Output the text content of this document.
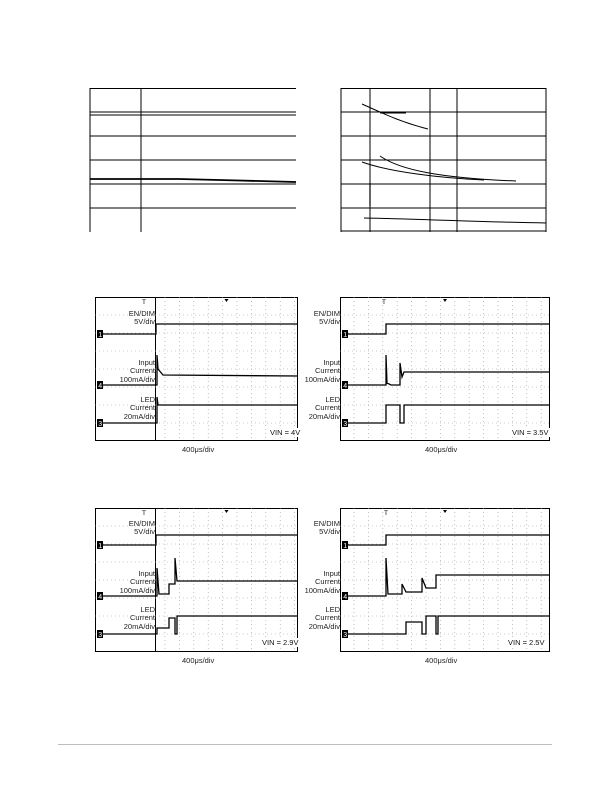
EN/DIM
5V/div
Input
Current
100mA/div
LED
Current
20mA/div
EN/DIM
5V/div
Input
Current
100mA/div
LED
Current
20mA/div
EN/DIM
5V/div
Input
Current
100mA/div
LED
Current
20mA/div
EN/DIM
5V/div
Input
Current
100mA/div
LED
Current
20mA/div
1
4
3
T
1
4
3
T
1
4
3
T
1
4
3
T
VIN = 4V	VIN = 3.5V
VIN = 2.9V	VIN = 2.5V
400μs/div	400μs/div
400μs/div	400μs/div
